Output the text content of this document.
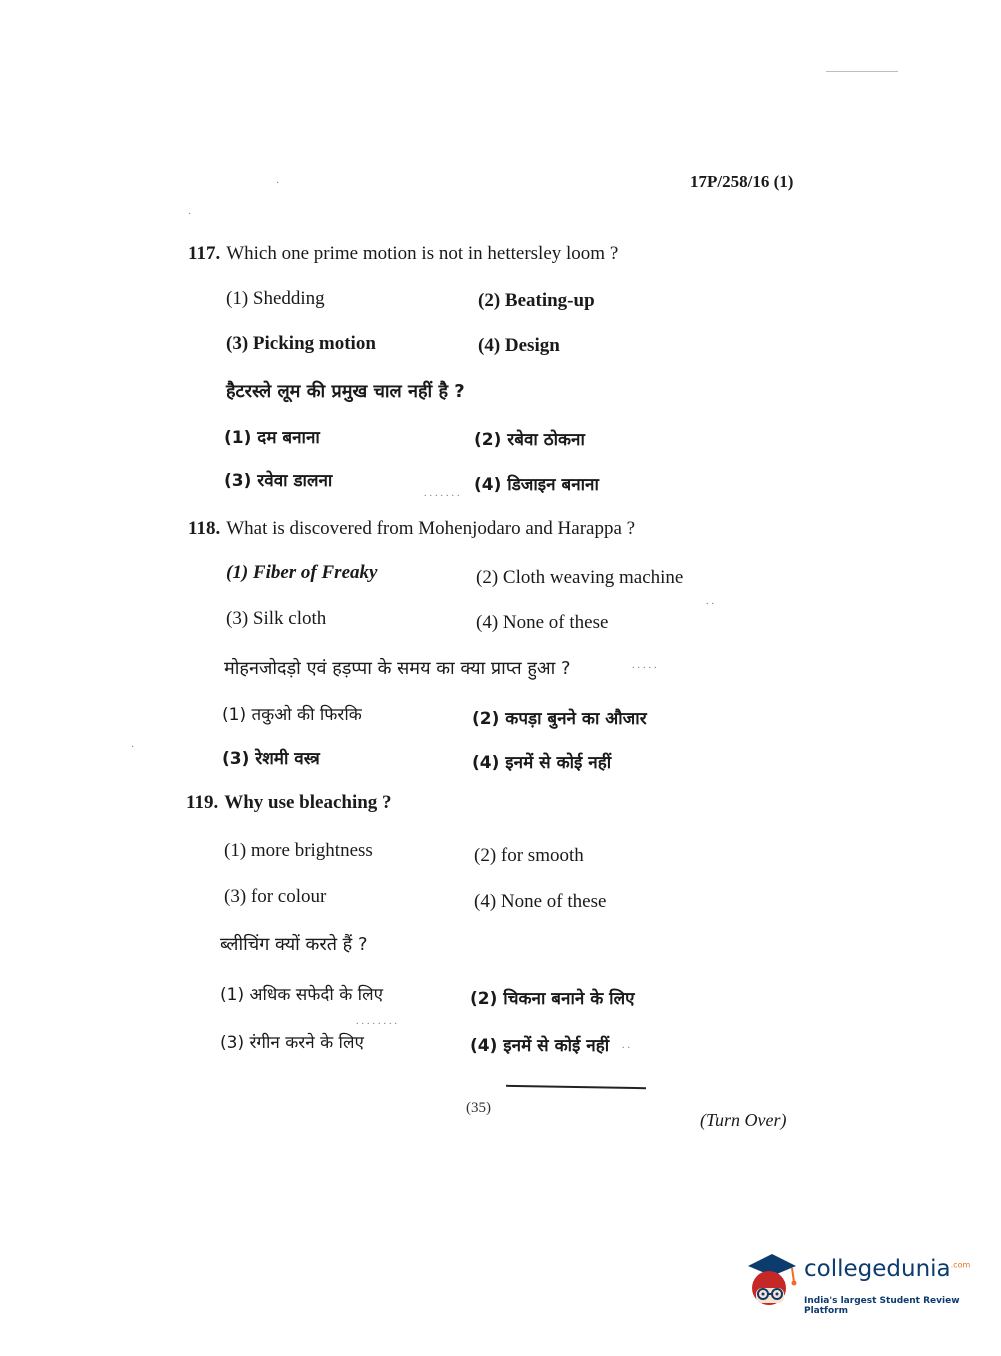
17P/258/16 (1)
·
·
117. Which one prime motion is not in hettersley loom ?
(1) Shedding	(2) Beating-up
(3) Picking motion	(4) Design
हैटरस्ले लूम की प्रमुख चाल नहीं है ?
(1) दम बनाना	(2) रबेवा ठोकना
(3) रवेवा डालना	(4) डिजाइन बनाना
.......
118. What is discovered from Mohenjodaro and Harappa ?
(1) Fiber of Freaky	(2) Cloth weaving machine
(3) Silk cloth	(4) None of these
..
मोहनजोदड़ो एवं हड़प्पा के समय का क्या प्राप्त हुआ ?	.....
(1) तकुओ की फिरकि	(2) कपड़ा बुनने का औजार
(3) रेशमी वस्त्र	(4) इनमें से कोई नहीं
·
119. Why use bleaching ?
(1) more brightness	(2) for smooth
(3) for colour	(4) None of these
ब्लीचिंग क्यों करते हैं ?
(1) अधिक सफेदी के लिए	(2) चिकना बनाने के लिए
(3) रंगीन करने के लिए	(4) इनमें से कोई नहीं
........
..
(35)
(Turn Over)
collegedunia$^{.com}$
India's largest Student Review Platform
